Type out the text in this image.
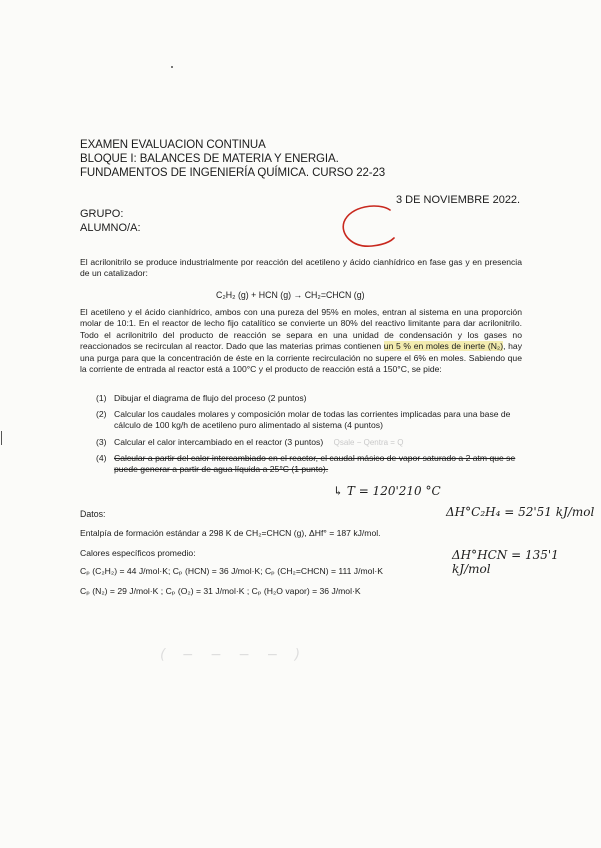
EXAMEN EVALUACION CONTINUA
BLOQUE I: BALANCES DE MATERIA Y ENERGIA.
FUNDAMENTOS DE INGENIERÍA QUÍMICA. CURSO 22-23
3 DE NOVIEMBRE 2022.
GRUPO:
ALUMNO/A:
El acrilonitrilo se produce industrialmente por reacción del acetileno y ácido cianhídrico en fase gas y en presencia de un catalizador:
C₂H₂ (g) + HCN (g) → CH₂=CHCN (g)
El acetileno y el ácido cianhídrico, ambos con una pureza del 95% en moles, entran al sistema en una proporción molar de 10:1. En el reactor de lecho fijo catalítico se convierte un 80% del reactivo limitante para dar acrilonitrilo. Todo el acrilonitrilo del producto de reacción se separa en una unidad de condensación y los gases no reaccionados se recirculan al reactor. Dado que las materias primas contienen un 5 % en moles de inerte (N₂), hay una purga para que la concentración de éste en la corriente recirculación no supere el 6% en moles. Sabiendo que la corriente de entrada al reactor está a 100°C y el producto de reacción está a 150°C, se pide:
(1) Dibujar el diagrama de flujo del proceso (2 puntos)
(2) Calcular los caudales molares y composición molar de todas las corrientes implicadas para una base de cálculo de 100 kg/h de acetileno puro alimentado al sistema (4 puntos)
(3) Calcular el calor intercambiado en el reactor (3 puntos) Qsale − Qentra = Q
(4) Calcular a partir del calor intercambiado en el reactor, el caudal másico de vapor saturado a 2 atm que se puede generar a partir de agua líquida a 25°C (1 punto).
↳ T = 120'210 °C
Datos:
Entalpía de formación estándar a 298 K de CH₂=CHCN (g), ΔHf° = 187 kJ/mol.
Calores específicos promedio:
Cₚ (C₂H₂) = 44 J/mol·K; Cₚ (HCN) = 36 J/mol·K; Cₚ (CH₂=CHCN) = 111 J/mol·K
Cₚ (N₂) = 29 J/mol·K ; Cₚ (O₂) = 31 J/mol·K ; Cₚ (H₂O vapor) = 36 J/mol·K
ΔH°C₂H₄ = 52'51 kJ/mol
ΔH°HCN = 135'1 kJ/mol
( − − − − )
